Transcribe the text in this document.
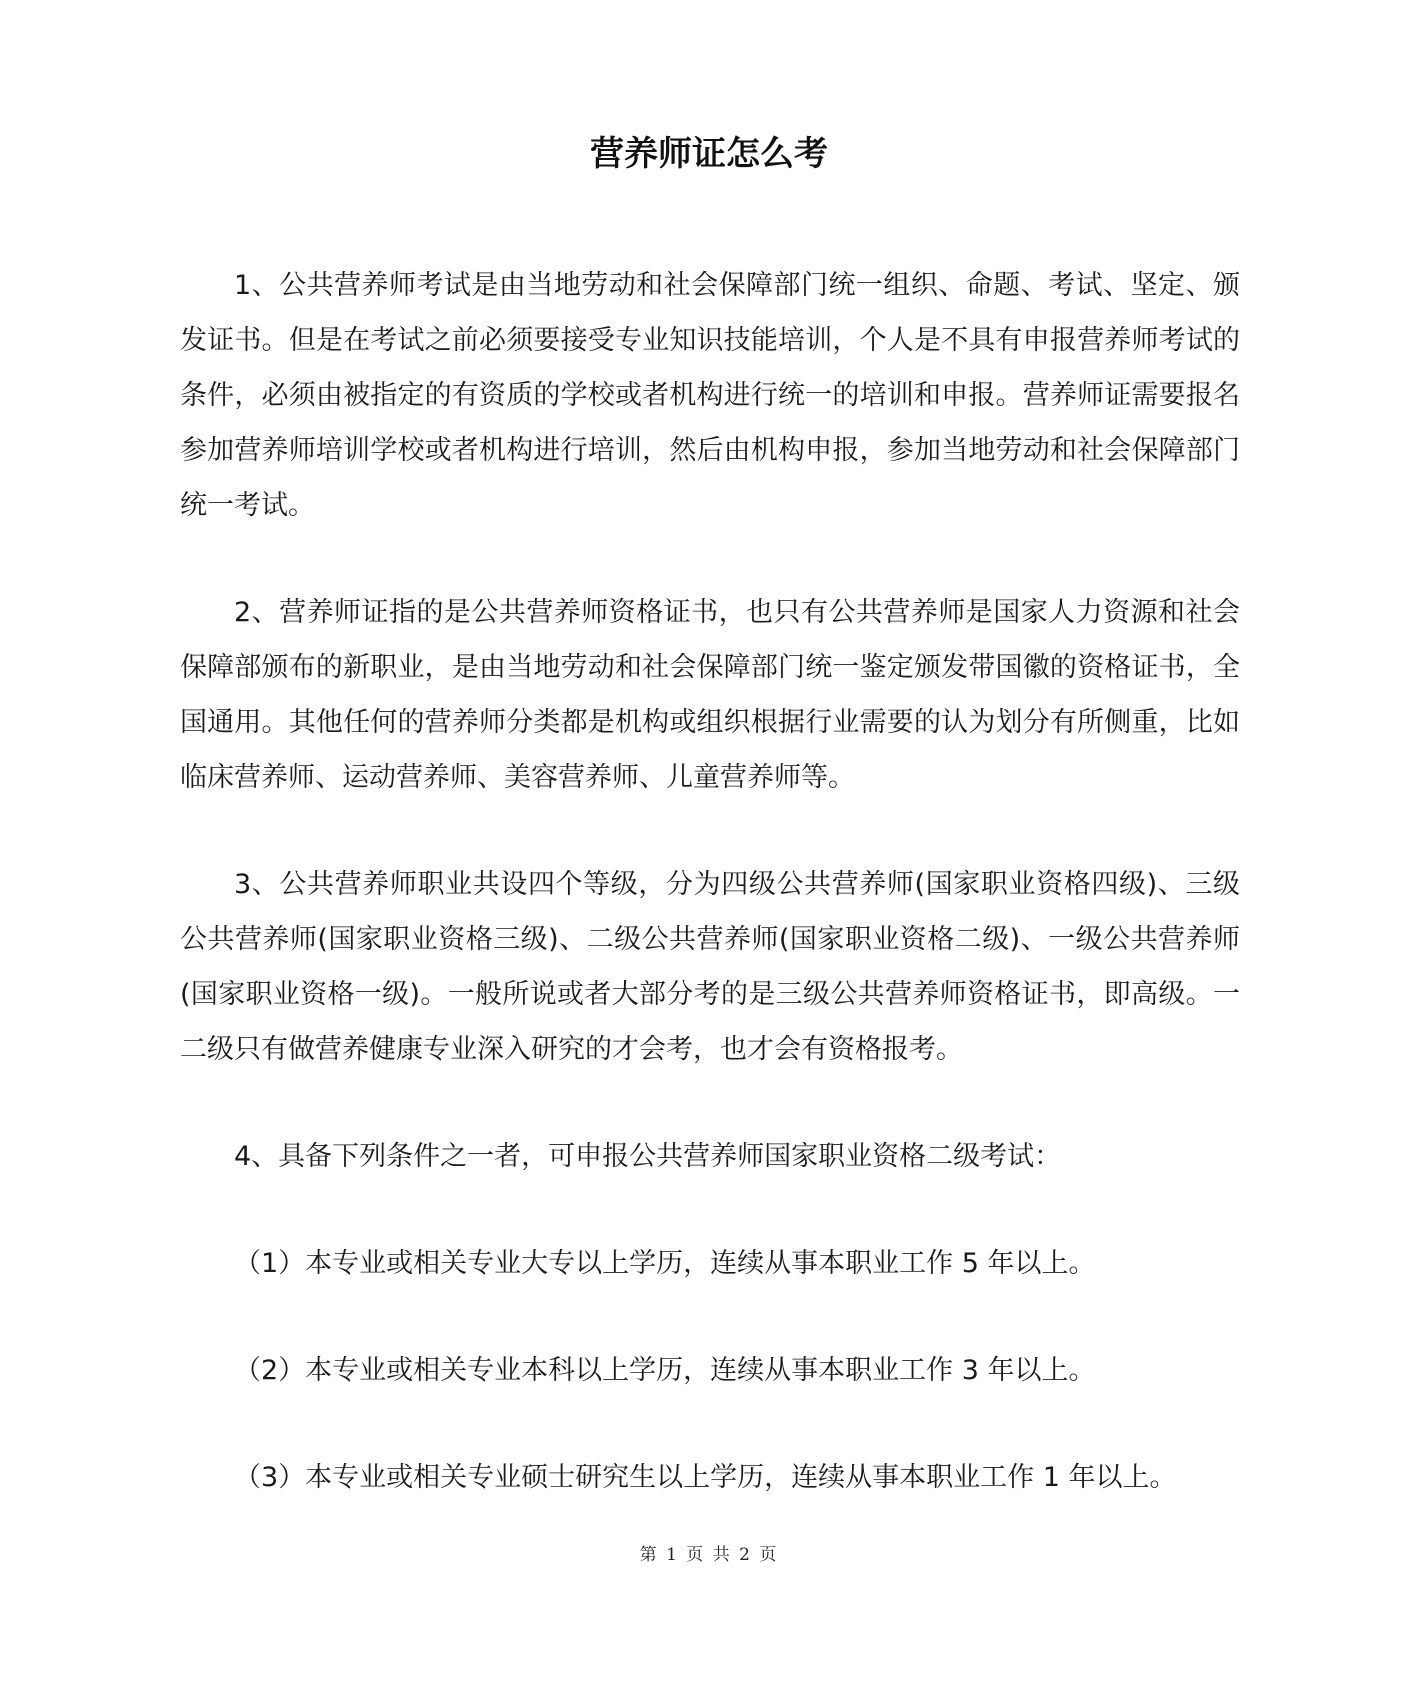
营养师证怎么考

1、公共营养师考试是由当地劳动和社会保障部门统一组织、命题、考试、坚定、颁发证书。但是在考试之前必须要接受专业知识技能培训，个人是不具有申报营养师考试的条件，必须由被指定的有资质的学校或者机构进行统一的培训和申报。营养师证需要报名参加营养师培训学校或者机构进行培训，然后由机构申报，参加当地劳动和社会保障部门统一考试。

2、营养师证指的是公共营养师资格证书，也只有公共营养师是国家人力资源和社会保障部颁布的新职业，是由当地劳动和社会保障部门统一鉴定颁发带国徽的资格证书，全国通用。其他任何的营养师分类都是机构或组织根据行业需要的认为划分有所侧重，比如临床营养师、运动营养师、美容营养师、儿童营养师等。

3、公共营养师职业共设四个等级，分为四级公共营养师(国家职业资格四级)、三级公共营养师(国家职业资格三级)、二级公共营养师(国家职业资格二级)、一级公共营养师(国家职业资格一级)。一般所说或者大部分考的是三级公共营养师资格证书，即高级。一二级只有做营养健康专业深入研究的才会考，也才会有资格报考。

4、具备下列条件之一者，可申报公共营养师国家职业资格二级考试：

（1）本专业或相关专业大专以上学历，连续从事本职业工作 5 年以上。

（2）本专业或相关专业本科以上学历，连续从事本职业工作 3 年以上。

（3）本专业或相关专业硕士研究生以上学历，连续从事本职业工作 1 年以上。

第 1 页 共 2 页
